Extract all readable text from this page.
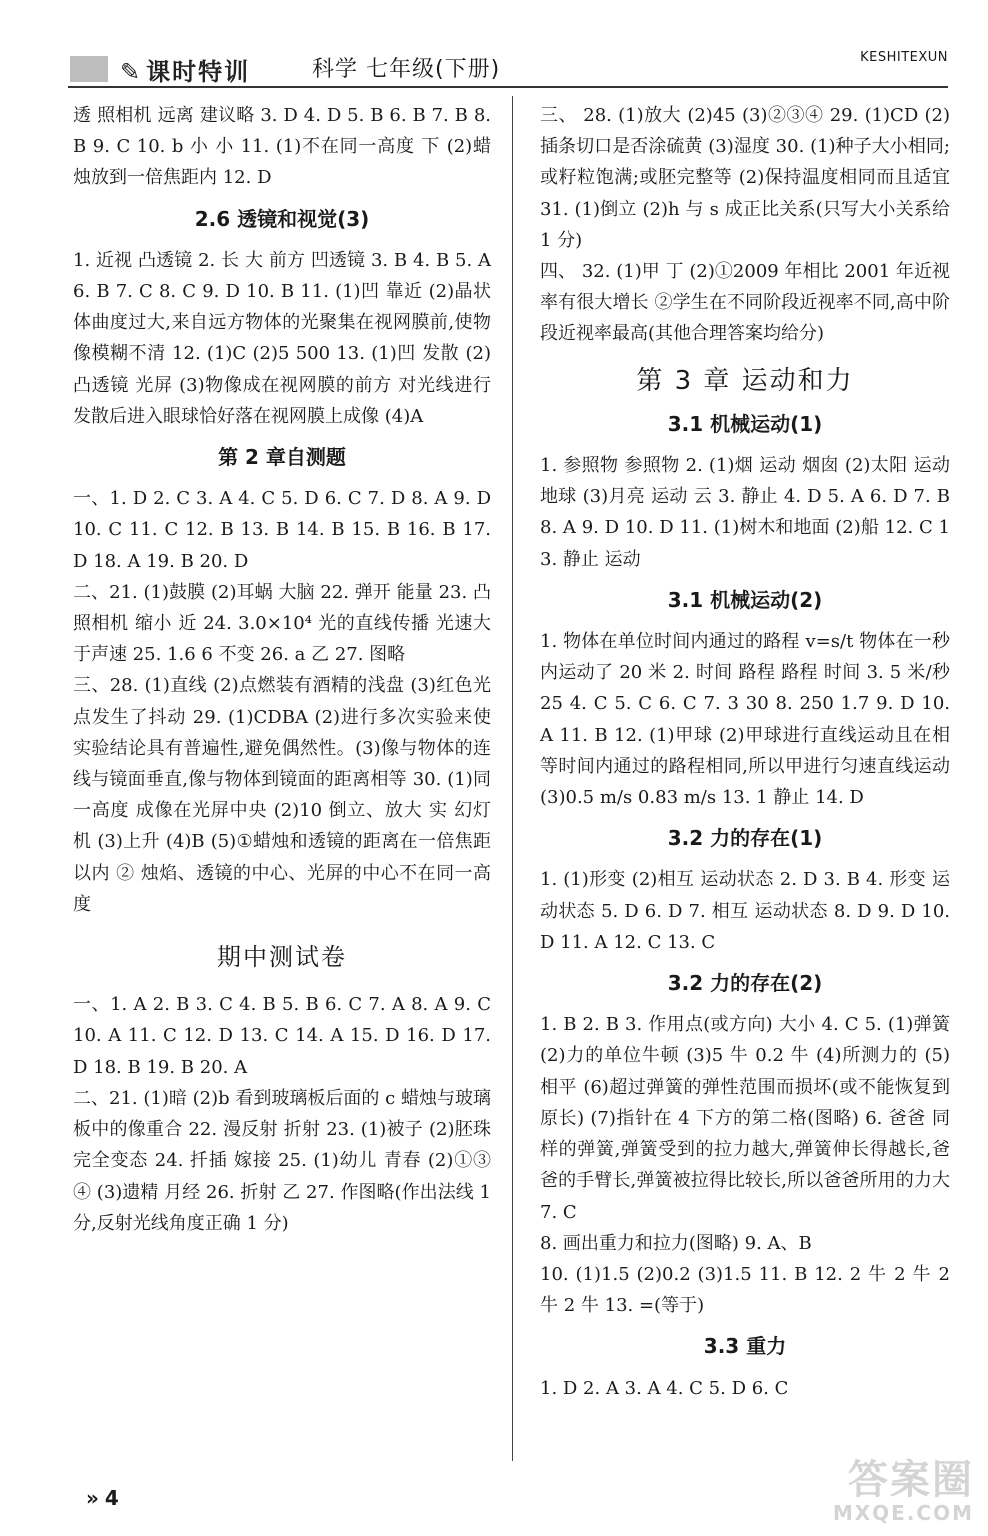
✎ 课时特训	科学 七年级(下册)	KESHITEXUN
透 照相机 远离 建议略 3. D 4. D 5. B 6. B 7. B 8. B 9. C 10. b 小 小 11. (1)不在同一高度 下 (2)蜡烛放到一倍焦距内 12. D
2.6 透镜和视觉(3)
1. 近视 凸透镜 2. 长 大 前方 凹透镜 3. B 4. B 5. A 6. B 7. C 8. C 9. D 10. B 11. (1)凹 靠近 (2)晶状体曲度过大,来自远方物体的光聚集在视网膜前,使物像模糊不清 12. (1)C (2)5 500 13. (1)凹 发散 (2)凸透镜 光屏 (3)物像成在视网膜的前方 对光线进行发散后进入眼球恰好落在视网膜上成像 (4)A
第 2 章自测题
一、1. D 2. C 3. A 4. C 5. D 6. C 7. D 8. A 9. D 10. C 11. C 12. B 13. B 14. B 15. B 16. B 17. D 18. A 19. B 20. D
二、21. (1)鼓膜 (2)耳蜗 大脑 22. 弹开 能量 23. 凸 照相机 缩小 近 24. 3.0×10⁴ 光的直线传播 光速大于声速 25. 1.6 6 不变 26. a 乙 27. 图略
三、28. (1)直线 (2)点燃装有酒精的浅盘 (3)红色光点发生了抖动 29. (1)CDBA (2)进行多次实验来使实验结论具有普遍性,避免偶然性。(3)像与物体的连线与镜面垂直,像与物体到镜面的距离相等 30. (1)同一高度 成像在光屏中央 (2)10 倒立、放大 实 幻灯机 (3)上升 (4)B (5)①蜡烛和透镜的距离在一倍焦距以内 ② 烛焰、透镜的中心、光屏的中心不在同一高度
期中测试卷
一、1. A 2. B 3. C 4. B 5. B 6. C 7. A 8. A 9. C 10. A 11. C 12. D 13. C 14. A 15. D 16. D 17. D 18. B 19. B 20. A
二、21. (1)暗 (2)b 看到玻璃板后面的 c 蜡烛与玻璃板中的像重合 22. 漫反射 折射 23. (1)被子 (2)胚珠 完全变态 24. 扦插 嫁接 25. (1)幼儿 青春 (2)①③④ (3)遗精 月经 26. 折射 乙 27. 作图略(作出法线 1 分,反射光线角度正确 1 分)
三、 28. (1)放大 (2)45 (3)②③④ 29. (1)CD (2)插条切口是否涂硫黄 (3)湿度 30. (1)种子大小相同;或籽粒饱满;或胚完整等 (2)保持温度相同而且适宜 31. (1)倒立 (2)h 与 s 成正比关系(只写大小关系给 1 分)
四、 32. (1)甲 丁 (2)①2009 年相比 2001 年近视率有很大增长 ②学生在不同阶段近视率不同,高中阶段近视率最高(其他合理答案均给分)
第 3 章 运动和力
3.1 机械运动(1)
1. 参照物 参照物 2. (1)烟 运动 烟囱 (2)太阳 运动 地球 (3)月亮 运动 云 3. 静止 4. D 5. A 6. D 7. B 8. A 9. D 10. D 11. (1)树木和地面 (2)船 12. C 13. 静止 运动
3.1 机械运动(2)
1. 物体在单位时间内通过的路程 v=s/t 物体在一秒内运动了 20 米 2. 时间 路程 路程 时间 3. 5 米/秒 25 4. C 5. C 6. C 7. 3 30 8. 250 1.7 9. D 10. A 11. B 12. (1)甲球 (2)甲球进行直线运动且在相等时间内通过的路程相同,所以甲进行匀速直线运动 (3)0.5 m/s 0.83 m/s 13. 1 静止 14. D
3.2 力的存在(1)
1. (1)形变 (2)相互 运动状态 2. D 3. B 4. 形变 运动状态 5. D 6. D 7. 相互 运动状态 8. D 9. D 10. D 11. A 12. C 13. C
3.2 力的存在(2)
1. B 2. B 3. 作用点(或方向) 大小 4. C 5. (1)弹簧 (2)力的单位牛顿 (3)5 牛 0.2 牛 (4)所测力的 (5)相平 (6)超过弹簧的弹性范围而损坏(或不能恢复到原长) (7)指针在 4 下方的第二格(图略) 6. 爸爸 同样的弹簧,弹簧受到的拉力越大,弹簧伸长得越长,爸爸的手臂长,弹簧被拉得比较长,所以爸爸所用的力大 7. C
8. 画出重力和拉力(图略) 9. A、B
10. (1)1.5 (2)0.2 (3)1.5 11. B 12. 2 牛 2 牛 2 牛 2 牛 13. =(等于)
3.3 重力
1. D 2. A 3. A 4. C 5. D 6. C
» 4	答案圈
MXQE.COM
